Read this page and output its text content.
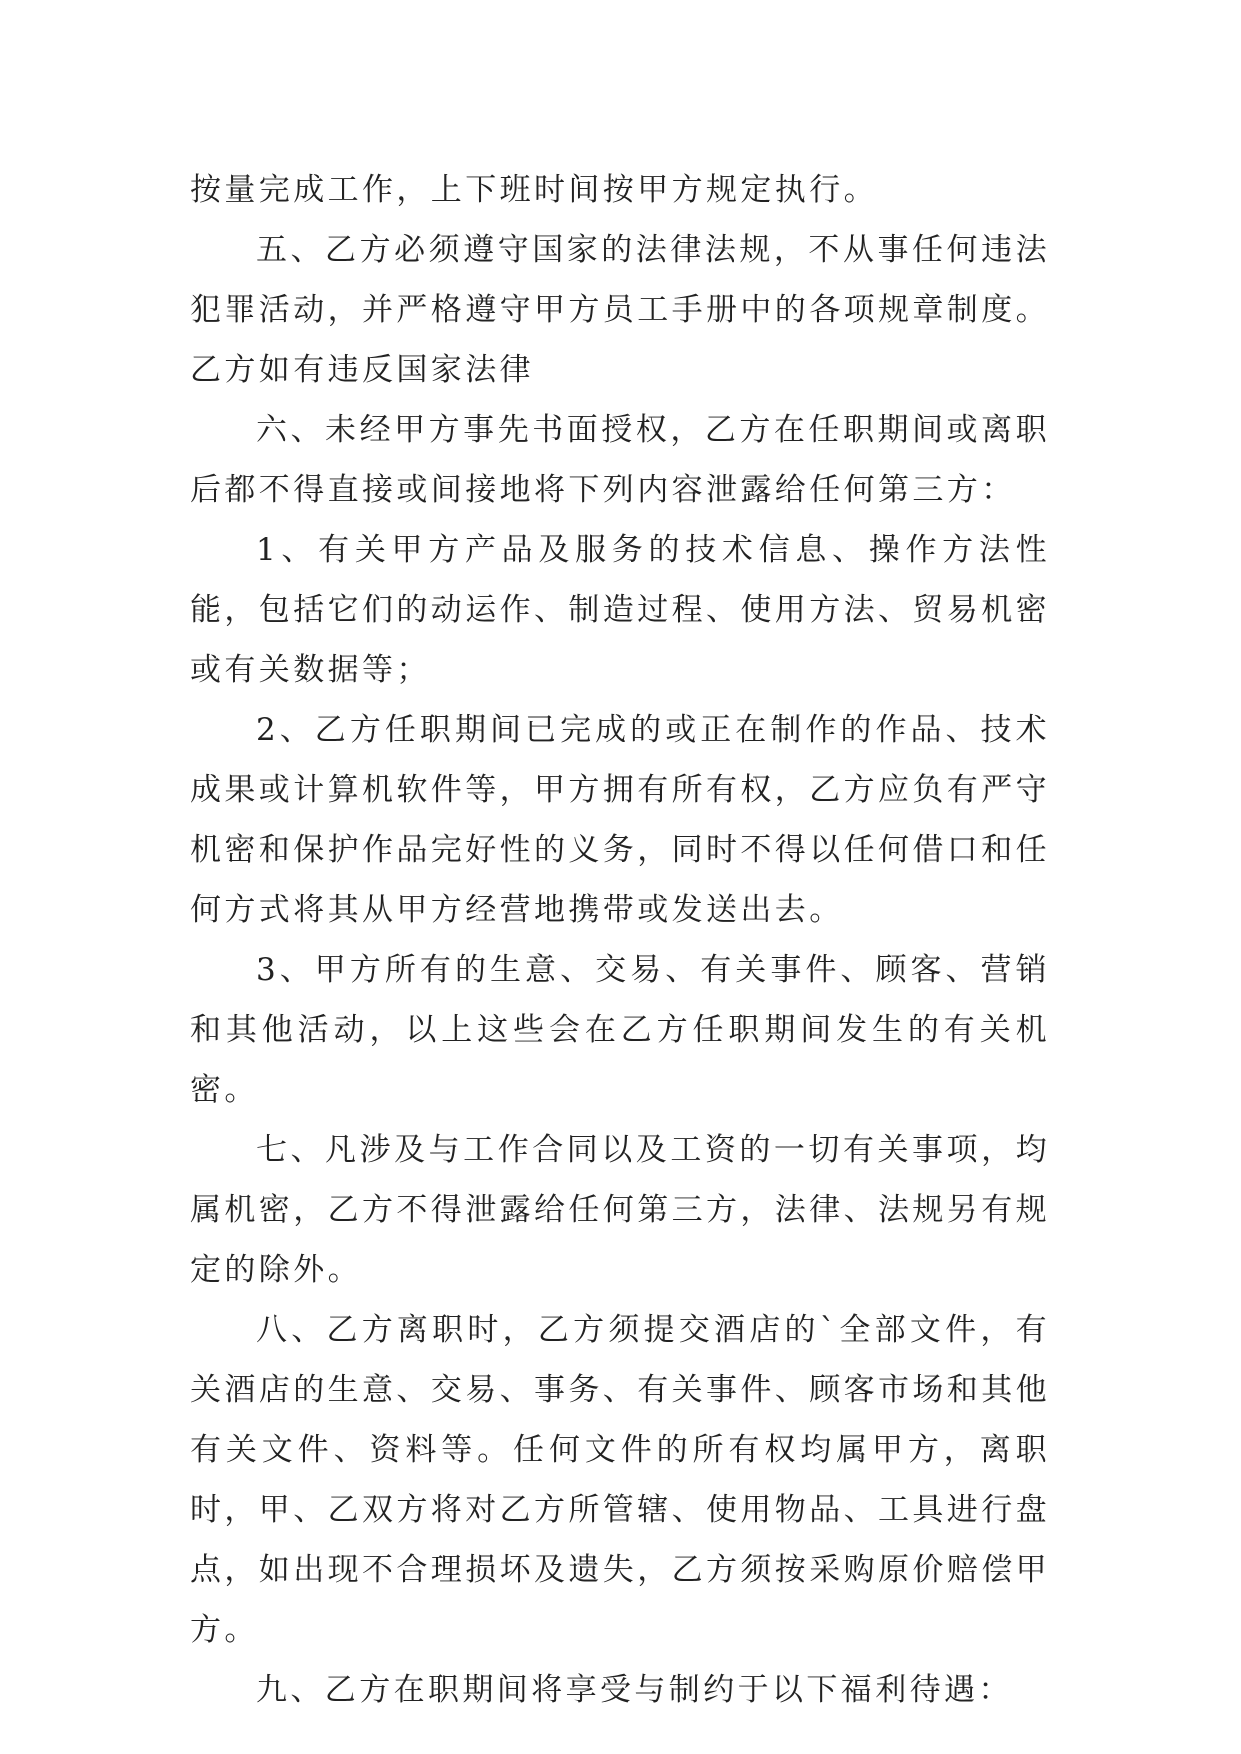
按量完成工作，上下班时间按甲方规定执行。

五、乙方必须遵守国家的法律法规，不从事任何违法犯罪活动，并严格遵守甲方员工手册中的各项规章制度。乙方如有违反国家法律

六、未经甲方事先书面授权，乙方在任职期间或离职后都不得直接或间接地将下列内容泄露给任何第三方：

1、有关甲方产品及服务的技术信息、操作方法性能，包括它们的动运作、制造过程、使用方法、贸易机密或有关数据等；

2、乙方任职期间已完成的或正在制作的作品、技术成果或计算机软件等，甲方拥有所有权，乙方应负有严守机密和保护作品完好性的义务，同时不得以任何借口和任何方式将其从甲方经营地携带或发送出去。

3、甲方所有的生意、交易、有关事件、顾客、营销和其他活动，以上这些会在乙方任职期间发生的有关机密。

七、凡涉及与工作合同以及工资的一切有关事项，均属机密，乙方不得泄露给任何第三方，法律、法规另有规定的除外。

八、乙方离职时，乙方须提交酒店的`全部文件，有关酒店的生意、交易、事务、有关事件、顾客市场和其他有关文件、资料等。任何文件的所有权均属甲方，离职时，甲、乙双方将对乙方所管辖、使用物品、工具进行盘点，如出现不合理损坏及遗失，乙方须按采购原价赔偿甲方。

九、乙方在职期间将享受与制约于以下福利待遇：
